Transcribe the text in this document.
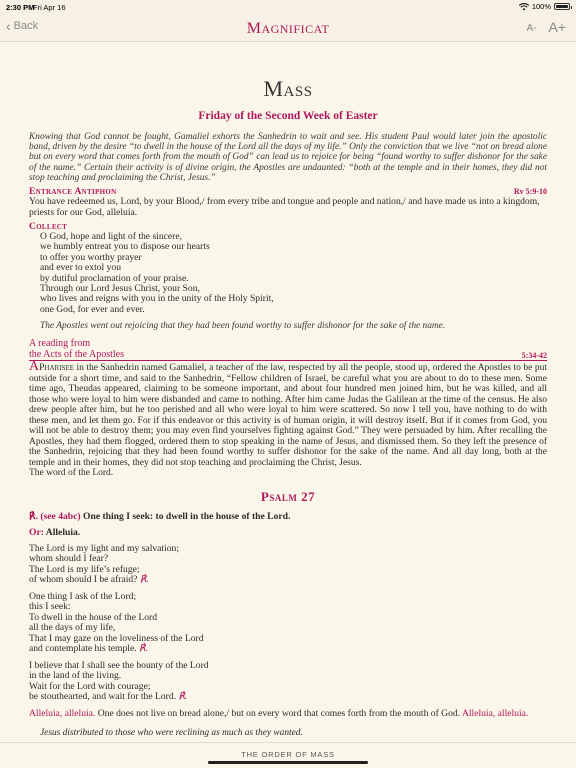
2:30 PM
Fri Apr 16	100%
‹ Back	MAGNIFICAT	A- A+
Mass
Friday of the Second Week of Easter

Knowing that God cannot be fought, Gamaliel exhorts the Sanhedrin to wait and see. His student Paul would later join the apostolic band, driven by the desire “to dwell in the house of the Lord all the days of my life.” Only the conviction that we live “not on bread alone but on every word that comes forth from the mouth of God” can lead us to rejoice for being “found worthy to suffer dishonor for the sake of the name.” Certain their activity is of divine origin, the Apostles are undaunted: “both at the temple and in their homes, they did not stop teaching and proclaiming the Christ, Jesus.”

Entrance Antiphon	Rv 5:9-10

You have redeemed us, Lord, by your Blood,/ from every tribe and tongue and people and nation,/ and have made us into a kingdom, priests for our God, alleluia.

Collect
O God, hope and light of the sincere,
we humbly entreat you to dispose our hearts
to offer you worthy prayer
and ever to extol you
by dutiful proclamation of your praise.
Through our Lord Jesus Christ, your Son,
who lives and reigns with you in the unity of the Holy Spirit,
one God, for ever and ever.

The Apostles went out rejoicing that they had been found worthy to suffer dishonor for the sake of the name.

A reading from
the Acts of the Apostles	5:34-42

APharisee in the Sanhedrin named Gamaliel, a teacher of the law, respected by all the people, stood up, ordered the Apostles to be put outside for a short time, and said to the Sanhedrin, “Fellow children of Israel, be careful what you are about to do to these men. Some time ago, Theudas appeared, claiming to be someone important, and about four hundred men joined him, but he was killed, and all those who were loyal to him were disbanded and came to nothing. After him came Judas the Galilean at the time of the census. He also drew people after him, but he too perished and all who were loyal to him were scattered. So now I tell you, have nothing to do with these men, and let them go. For if this endeavor or this activity is of human origin, it will destroy itself. But if it comes from God, you will not be able to destroy them; you may even find yourselves fighting against God.” They were persuaded by him. After recalling the Apostles, they had them flogged, ordered them to stop speaking in the name of Jesus, and dismissed them. So they left the presence of the Sanhedrin, rejoicing that they had been found worthy to suffer dishonor for the sake of the name. And all day long, both at the temple and in their homes, they did not stop teaching and proclaiming the Christ, Jesus.
The word of the Lord.

Psalm 27
℟. (see 4abc) One thing I seek: to dwell in the house of the Lord.
Or: Alleluia.
The Lord is my light and my salvation;
whom should I fear?
The Lord is my life’s refuge;
of whom should I be afraid? ℟.
One thing I ask of the Lord;
this I seek:
To dwell in the house of the Lord
all the days of my life,
That I may gaze on the loveliness of the Lord
and contemplate his temple. ℟.
I believe that I shall see the bounty of the Lord
in the land of the living.
Wait for the Lord with courage;
be stouthearted, and wait for the Lord. ℟.

Alleluia, alleluia. One does not live on bread alone,/ but on every word that comes forth from the mouth of God. Alleluia, alleluia.

Jesus distributed to those who were reclining as much as they wanted.

THE ORDER OF MASS
